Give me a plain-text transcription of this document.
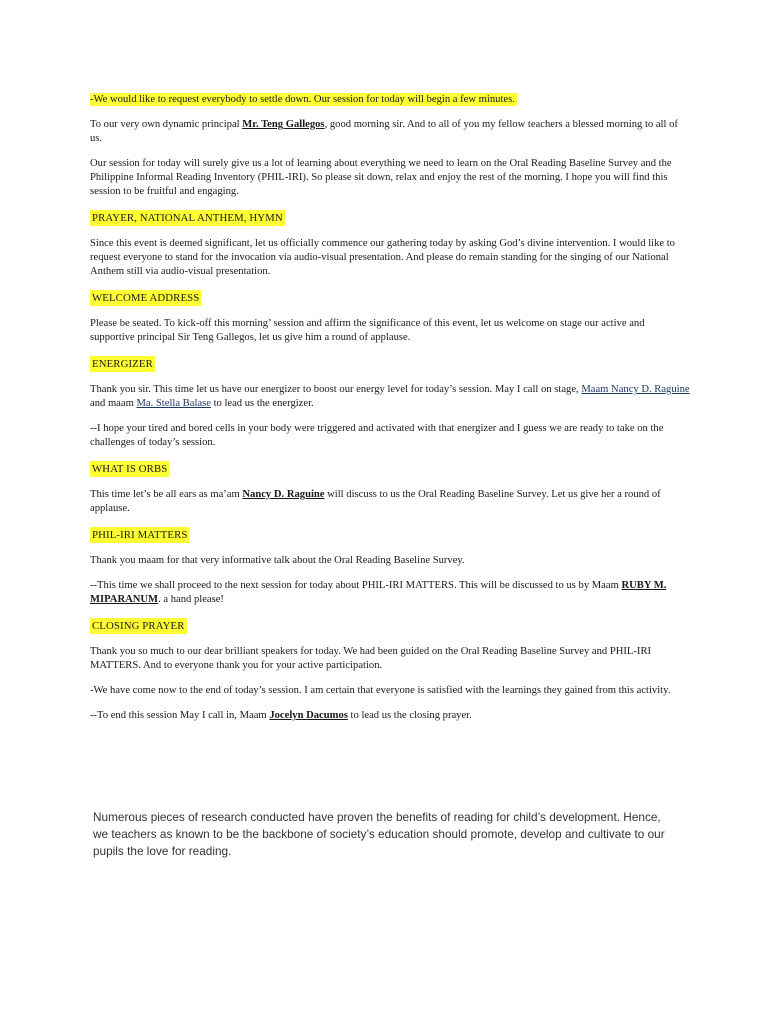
-We would like to request everybody to settle down. Our session for today will begin a few minutes.

To our very own dynamic principal Mr. Teng Gallegos, good morning sir. And to all of you my fellow teachers a blessed morning to all of us.

Our session for today will surely give us a lot of learning about everything we need to learn on the Oral Reading Baseline Survey and the Philippine Informal Reading Inventory (PHIL-IRI). So please sit down, relax and enjoy the rest of the morning. I hope you will find this session to be fruitful and engaging.

PRAYER, NATIONAL ANTHEM, HYMN

Since this event is deemed significant, let us officially commence our gathering today by asking God’s divine intervention. I would like to request everyone to stand for the invocation via audio-visual presentation. And please do remain standing for the singing of our National Anthem still via audio-visual presentation.

WELCOME ADDRESS

Please be seated. To kick-off this morning’ session and affirm the significance of this event, let us welcome on stage our active and supportive principal Sir Teng Gallegos, let us give him a round of applause.

ENERGIZER

Thank you sir. This time let us have our energizer to boost our energy level for today’s session. May I call on stage, Maam Nancy D. Raguine and maam Ma. Stella Balase to lead us the energizer.

--I hope your tired and bored cells in your body were triggered and activated with that energizer and I guess we are ready to take on the challenges of today’s session.

WHAT IS ORBS

This time let’s be all ears as ma’am Nancy D. Raguine will discuss to us the Oral Reading Baseline Survey. Let us give her a round of applause.

PHIL-IRI MATTERS

Thank you maam for that very informative talk about the Oral Reading Baseline Survey.

--This time we shall proceed to the next session for today about PHIL-IRI MATTERS. This will be discussed to us by Maam RUBY M. MIPARANUM. a hand please!

CLOSING PRAYER

Thank you so much to our dear brilliant speakers for today. We had been guided on the Oral Reading Baseline Survey and PHIL-IRI MATTERS. And to everyone thank you for your active participation.

-We have come now to the end of today’s session. I am certain that everyone is satisfied with the learnings they gained from this activity.

--To end this session May I call in, Maam Jocelyn Dacumos to lead us the closing prayer.

Numerous pieces of research conducted have proven the benefits of reading for child’s development. Hence, we teachers as known to be the backbone of society’s education should promote, develop and cultivate to our pupils the love for reading.
